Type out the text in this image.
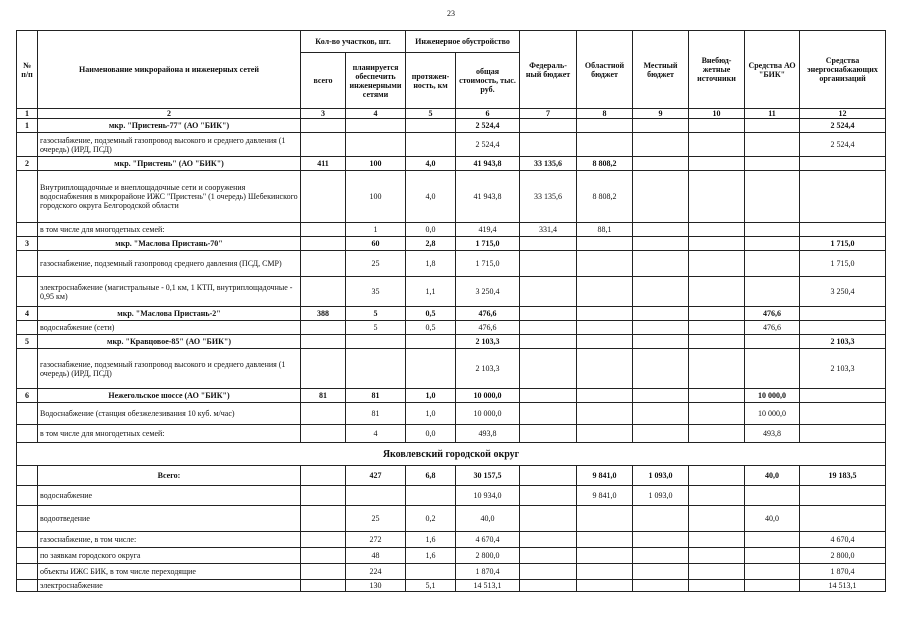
23
№ п/п	Наименование микрорайона и инженерных сетей	Кол-во участков, шт.		Инженерное обустройство		Федераль-ный бюджет	Областной бюджет	Местный бюджет	Внебюд-жетные источники	Средства АО "БИК"	Средства энергоснабжающих организаций
		всего	планируется обеспечить инженерными сетями	протяжен-ность, км	общая стоимость, тыс. руб.						
1	2	3	4	5	6	7	8	9	10	11	12
1	мкр. "Пристень-77" (АО "БИК")				2 524,4						2 524,4
	газоснабжение, подземный газопровод высокого и среднего давления (1 очередь) (ИРД, ПСД)				2 524,4						2 524,4
2	мкр. "Пристень" (АО "БИК")	411	100	4,0	41 943,8	33 135,6	8 808,2				
	Внутриплощадочные и внеплощадочные сети и сооружения водоснабжения в микрорайоне ИЖС "Пристень" (1 очередь) Шебекинского городского округа Белгородской области		100	4,0	41 943,8	33 135,6	8 808,2				
	в том числе для многодетных семей:		1	0,0	419,4	331,4	88,1				
3	мкр. "Маслова Пристань-70"		60	2,8	1 715,0						1 715,0
	газоснабжение, подземный газопровод среднего давления (ПСД, СМР)		25	1,8	1 715,0						1 715,0
	электроснабжение (магистральные - 0,1 км, 1 КТП, внутриплощадочные - 0,95 км)		35	1,1	3 250,4						3 250,4
4	мкр. "Маслова Пристань-2"	388	5	0,5	476,6					476,6	
	водоснабжение (сети)		5	0,5	476,6					476,6	
5	мкр. "Кравцовое-85" (АО "БИК")				2 103,3						2 103,3
	газоснабжение, подземный газопровод высокого и среднего давления (1 очередь) (ИРД, ПСД)				2 103,3						2 103,3
6	Нежегольское шоссе (АО "БИК")	81	81	1,0	10 000,0					10 000,0	
	Водоснабжение (станция обезжелезивания 10 куб. м/час)		81	1,0	10 000,0					10 000,0	
	в том числе для многодетных семей:		4	0,0	493,8					493,8	
Яковлевский городской округ											
	Всего:		427	6,8	30 157,5		9 841,0	1 093,0		40,0	19 183,5
	водоснабжение				10 934,0		9 841,0	1 093,0			
	водоотведение		25	0,2	40,0					40,0	
	газоснабжение, в том числе:		272	1,6	4 670,4						4 670,4
	по заявкам городского округа		48	1,6	2 800,0						2 800,0
	объекты ИЖС БИК, в том числе переходящие		224		1 870,4						1 870,4
	электроснабжение		130	5,1	14 513,1						14 513,1
